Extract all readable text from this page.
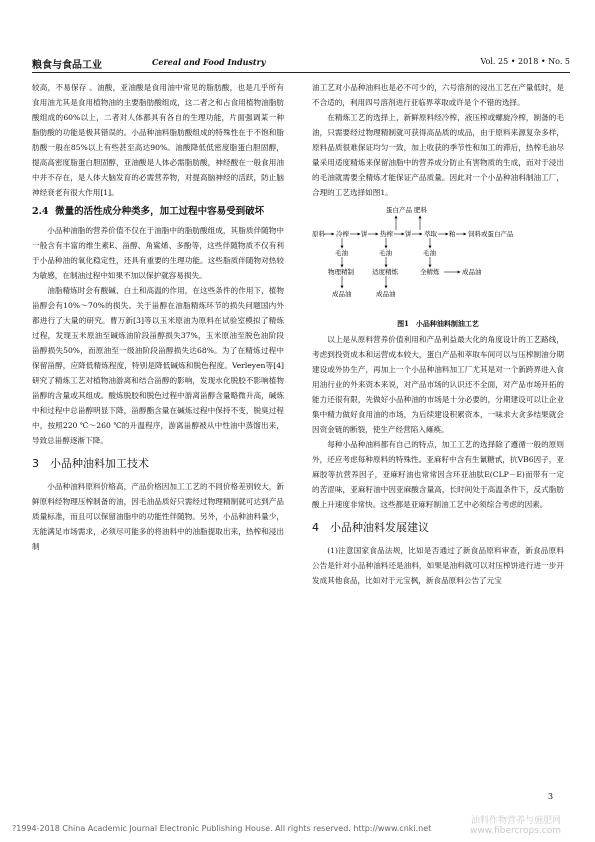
粮食与食品工业	Cereal and Food Industry	Vol. 25 • 2018 • No. 5

较高，不易保存 。油酸，亚油酸是食用油中常见的脂肪酸，也是几乎所有食用油尤其是食用植物油的主要脂肪酸组成，这二者之和占食用植物油脂肪酸组成的60%以上，二者对人体都具有各自的生理功能，片面强调某一种脂肪酸的功能是极其错误的。小品种油料脂肪酸组成的特殊性在于不饱和脂肪酸一般在85%以上有些甚至高达90%。油酸降低低密度脂蛋白胆固醇，提高高密度脂蛋白胆固醇，亚油酸是人体必需脂肪酸，神经酸在一般食用油中并不存在，是人体大脑发育的必需营养物，对提高脑神经的活跃，防止脑神经衰老有很大作用[1]。

2.4 微量的活性成分种类多，加工过程中容易受到破坏

小品种油脂的营养价值不仅在于油脂中的脂肪酸组成，其脂质伴随物中一般含有丰富的维生素E、甾醇、角鲨烯、多酚等，这些伴随物质不仅有利于小品种油的氧化稳定性，还具有重要的生理功能。这些脂质伴随物对热较为敏感，在制油过程中如果不加以保护就容易损失。

油脂精炼时会有酸碱、白土和高温的作用，在这些条件的作用下，植物甾醇会有10%～70%的损失。关于甾醇在油脂精炼环节的损失问题国内外都进行了大量的研究。曹万新[3]等以玉米原油为原料在试验室模拟了精炼过程，发现玉米原油至碱炼油阶段甾醇损失37%，玉米原油至脱色油阶段甾醇损失50%，而原油至一级油阶段甾醇损失达68%。为了在精炼过程中保留甾醇，应降低精炼程度，特别是降低碱炼和脱色程度。Verleyen等[4]研究了精炼工艺对植物油游离和结合甾醇的影响，发现水化脱胶不影响植物甾醇的含量或其组成。酸炼脱胶和脱色过程中游离甾醇含量略微升高，碱炼中和过程中总甾醇明显下降，甾醇酯含量在碱炼过程中保持不变，脱臭过程中，按照220 ℃～260 ℃的升温程序，游离甾醇被从中性油中蒸馏出来，导致总甾醇逐渐下降。

3 小品种油料加工技术

小品种油料原料价格高，产品价格因加工工艺的不同价格差别较大，新鲜原料经物理压榨制备的油，因毛油品质好只需经过物理精制就可达到产品质量标准，而且可以保留油脂中的功能性伴随物。另外，小品种油料量少，无能满足市场需求，必须尽可能多的将油料中的油脂提取出来，热榨和浸出制

油工艺对小品种油料也是必不可少的，六号溶剂的浸出工艺在产量低时，是不合适的，利用四号溶剂进行亚临界萃取或许是个不错的选择。

在精炼工艺的选择上，新鲜原料经冷榨，液压榨或螺旋冷榨，制备的毛油，只需要经过物理精制就可获得高品质的成品，由于原料来源复杂多样，原料品质很难保证均匀一致，加上收获的季节性和加工的滞后，热榨毛油尽量采用适度精炼来保留油脂中的营养成分防止有害物质的生成，而对于浸出的毛油就需要全精炼才能保证产品质量。因此对一个小品种油料制油工厂，合理的工艺选择如图1。

蛋白产品 肥料
原料 冷榨 饼 热榨 饼 萃取 粕 饲料或蛋白产品
毛油	毛油	毛油
物理精制	适度精炼	全精炼	成品油
成品油	成品油
图1　小品种油料制油工艺

以上是从原料营养价值利用和产品利益最大化的角度设计的工艺路线，考虑到投资成本和运营成本较大，蛋白产品和萃取车间可以与压榨制油分期建设或外协生产，再加上一个小品种油料加工厂尤其是对一个新跨界进入食用油行业的外来资本来说，对产品市场的认识还不全面，对产品市场开拓的能力还很有限，先做好小品种油的市场是十分必要的，分期建设可以让企业集中精力做好食用油的市场，为后续建设积累资本，一味求大贪多结果就会因资金链的断裂，使生产经营陷入瘫痪。

每种小品种油料都有自己的特点，加工工艺的选择除了遵循一般的原则外，还应考虑每种原料的特殊性。亚麻籽中含有生氰糖甙，抗VB6因子，亚麻胶等抗营养因子，亚麻籽油也常常因含环亚油肽E(CLP－E)而带有一定的苦涩味，亚麻籽油中因亚麻酸含量高，长时间处于高温条件下，反式脂肪酸上升速度非常快。这些都是亚麻籽制油工艺中必须综合考虑的因素。

4 小品种油料发展建议

(1)注意国家食品法规，比如是否通过了新食品原料审查，新食品原料公告是针对小品种油料还是油料，如果是油料就可以对压榨饼进行进一步开发成其他食品，比如对于元宝枫，新食品原料公告了元宝

3
?1994-2018 China Academic Journal Electronic Publishing House. All rights reserved. http://www.cnki.net
油料作物营养与施肥网
www.fibercrops.com
